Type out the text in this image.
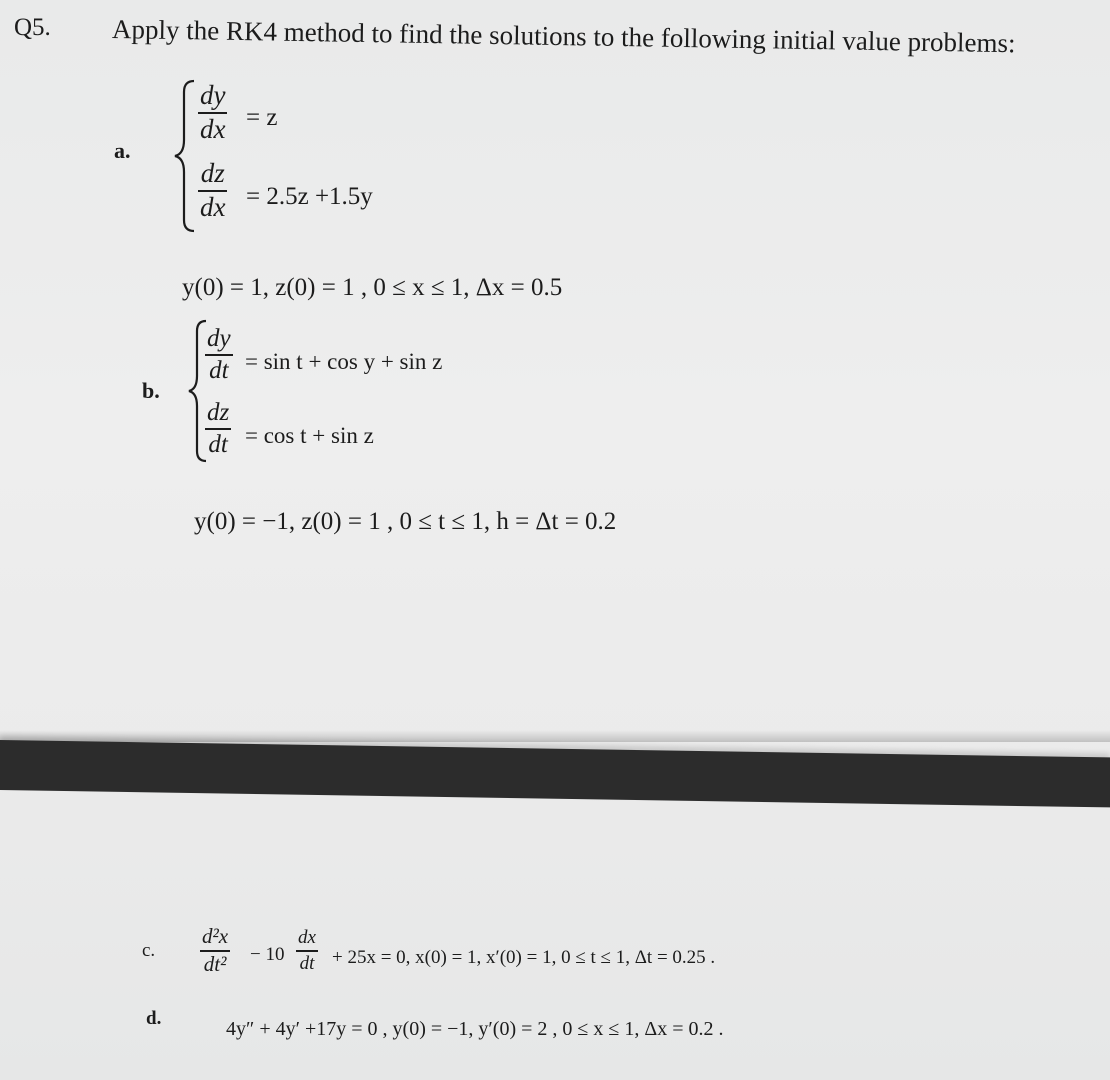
Q5. Apply the RK4 method to find the solutions to the following initial value problems:
a.
dy
dx = z
dz
dx = 2.5z +1.5y
y(0) = 1, z(0) = 1 , 0 ≤ x ≤ 1, Δx = 0.5
b.
dy
dt = sin t + cos y + sin z
dz
dt = cos t + sin z
y(0) = −1, z(0) = 1 , 0 ≤ t ≤ 1, h = Δt = 0.2
c.
d²x
dt² − 10
dx
dt + 25x = 0, x(0) = 1, x′(0) = 1, 0 ≤ t ≤ 1, Δt = 0.25 .
d.	4y″ + 4y′ +17y = 0 , y(0) = −1, y′(0) = 2 , 0 ≤ x ≤ 1, Δx = 0.2 .
